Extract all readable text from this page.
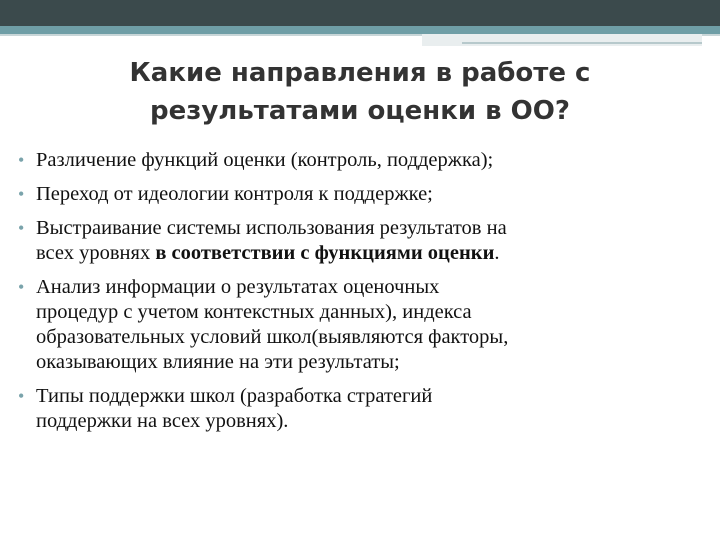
Какие направления в работе с
результатами оценки в ОО?
• Различение функций оценки (контроль, поддержка);
• Переход от идеологии контроля к поддержке;
• Выстраивание системы использования результатов на
всех уровнях в соответствии с функциями оценки.
• Анализ информации о результатах оценочных
процедур с учетом контекстных данных), индекса
образовательных условий школ(выявляются факторы,
оказывающих влияние на эти результаты;
• Типы поддержки школ (разработка стратегий
поддержки на всех уровнях).
